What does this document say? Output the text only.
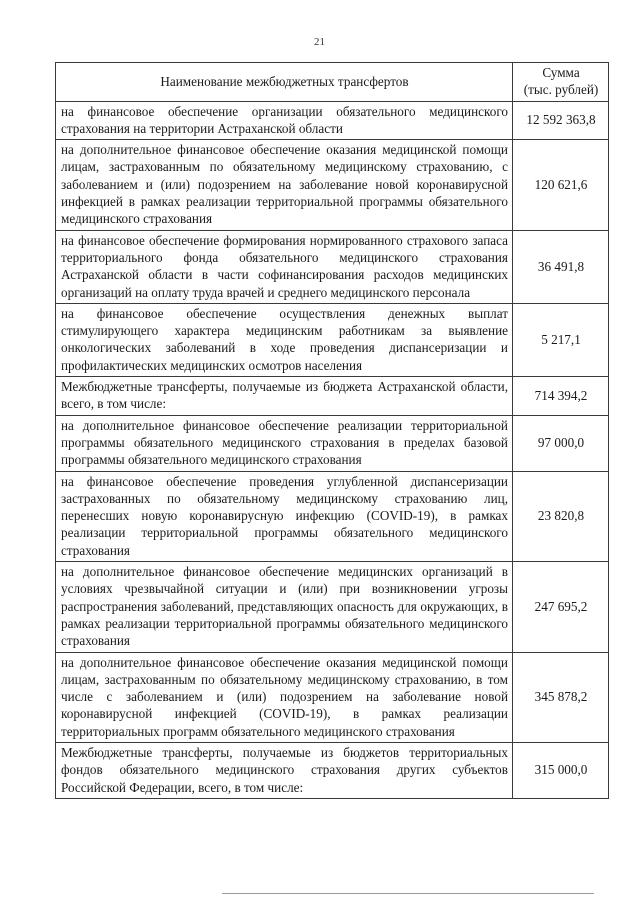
21
Наименование межбюджетных трансфертов	Сумма
(тыс. рублей)

на финансовое обеспечение организации обязательного медицинского страхования на территории Астраханской области	12 592 363,8
на дополнительное финансовое обеспечение оказания медицинской помощи лицам, застрахованным по обязательному медицинскому страхованию, с заболеванием и (или) подозрением на заболевание новой коронавирусной инфекцией в рамках реализации территориальной программы обязательного медицинского страхования	120 621,6
на финансовое обеспечение формирования нормированного страхового запаса территориального фонда обязательного медицинского страхования Астраханской области в части софинансирования расходов медицинских организаций на оплату труда врачей и среднего медицинского персонала	36 491,8
на финансовое обеспечение осуществления денежных выплат стимулирующего характера медицинским работникам за выявление онкологических заболеваний в ходе проведения диспансеризации и профилактических медицинских осмотров населения	5 217,1
Межбюджетные трансферты, получаемые из бюджета Астраханской области, всего, в том числе:	714 394,2
на дополнительное финансовое обеспечение реализации территориальной программы обязательного медицинского страхования в пределах базовой программы обязательного медицинского страхования	97 000,0
на финансовое обеспечение проведения углубленной диспансеризации застрахованных по обязательному медицинскому страхованию лиц, перенесших новую коронавирусную инфекцию (COVID-19), в рамках реализации территориальной программы обязательного медицинского страхования	23 820,8
на дополнительное финансовое обеспечение медицинских организаций в условиях чрезвычайной ситуации и (или) при возникновении угрозы распространения заболеваний, представляющих опасность для окружающих, в рамках реализации территориальной программы обязательного медицинского страхования	247 695,2
на дополнительное финансовое обеспечение оказания медицинской помощи лицам, застрахованным по обязательному медицинскому страхованию, в том числе с заболеванием и (или) подозрением на заболевание новой коронавирусной инфекцией (COVID-19), в рамках реализации территориальных программ обязательного медицинского страхования	345 878,2
Межбюджетные трансферты, получаемые из бюджетов территориальных фондов обязательного медицинского страхования других субъектов Российской Федерации, всего, в том числе:	315 000,0
